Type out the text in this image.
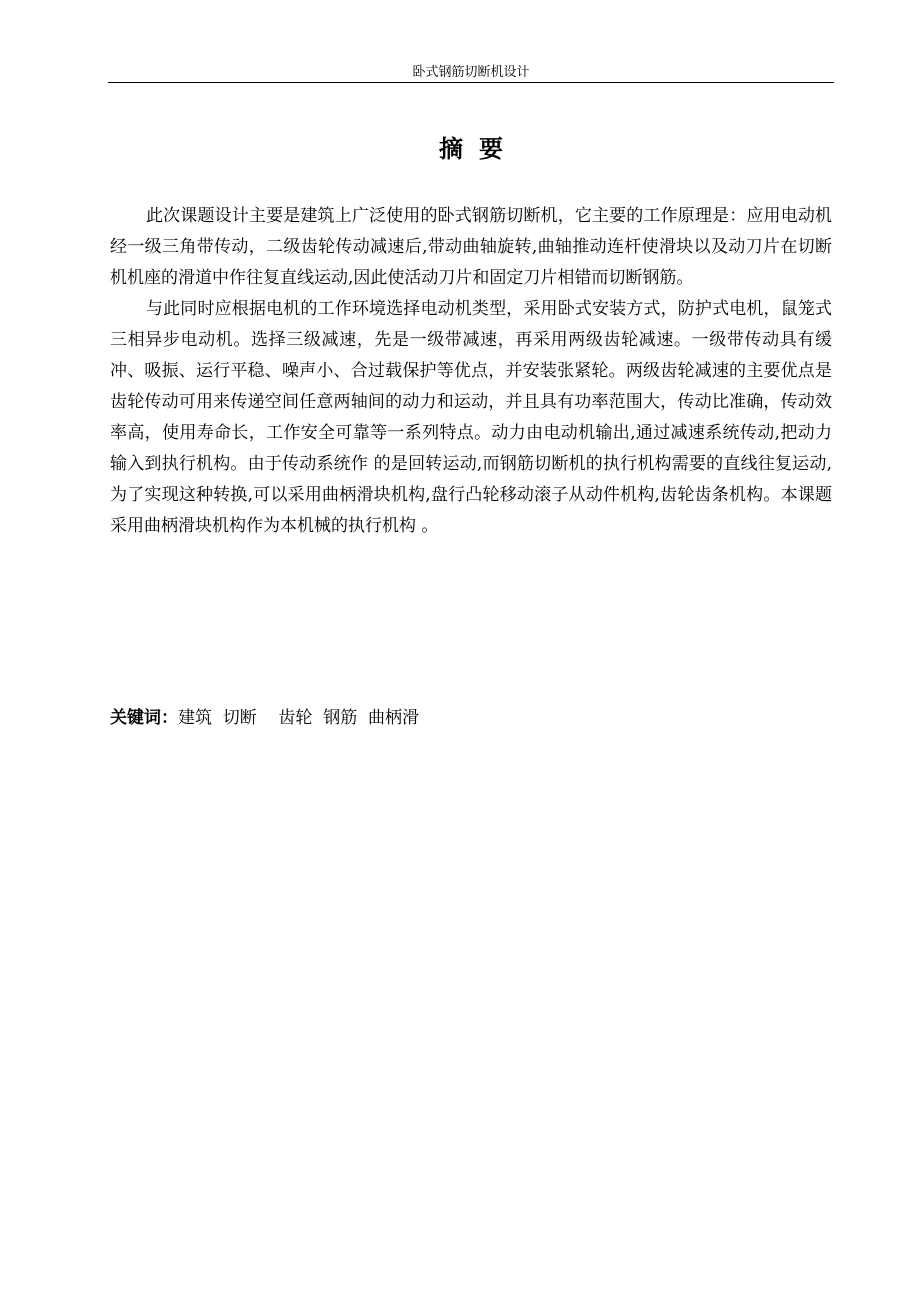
卧式钢筋切断机设计
摘要

此次课题设计主要是建筑上广泛使用的卧式钢筋切断机，它主要的工作原理是：应用电动机经一级三角带传动，二级齿轮传动减速后,带动曲轴旋转,曲轴推动连杆使滑块以及动刀片在切断机机座的滑道中作往复直线运动,因此使活动刀片和固定刀片相错而切断钢筋。

与此同时应根据电机的工作环境选择电动机类型，采用卧式安装方式，防护式电机，鼠笼式三相异步电动机。选择三级减速，先是一级带减速，再采用两级齿轮减速。一级带传动具有缓冲、吸振、运行平稳、噪声小、合过载保护等优点，并安装张紧轮。两级齿轮减速的主要优点是齿轮传动可用来传递空间任意两轴间的动力和运动，并且具有功率范围大，传动比准确，传动效率高，使用寿命长，工作安全可靠等一系列特点。动力由电动机输出,通过减速系统传动,把动力输入到执行机构。由于传动系统作 的是回转运动,而钢筋切断机的执行机构需要的直线往复运动,为了实现这种转换,可以采用曲柄滑块机构,盘行凸轮移动滚子从动件机构,齿轮齿条机构。本课题采用曲柄滑块机构作为本机械的执行机构 。

关键词：建筑  切断    齿轮  钢筋  曲柄滑
